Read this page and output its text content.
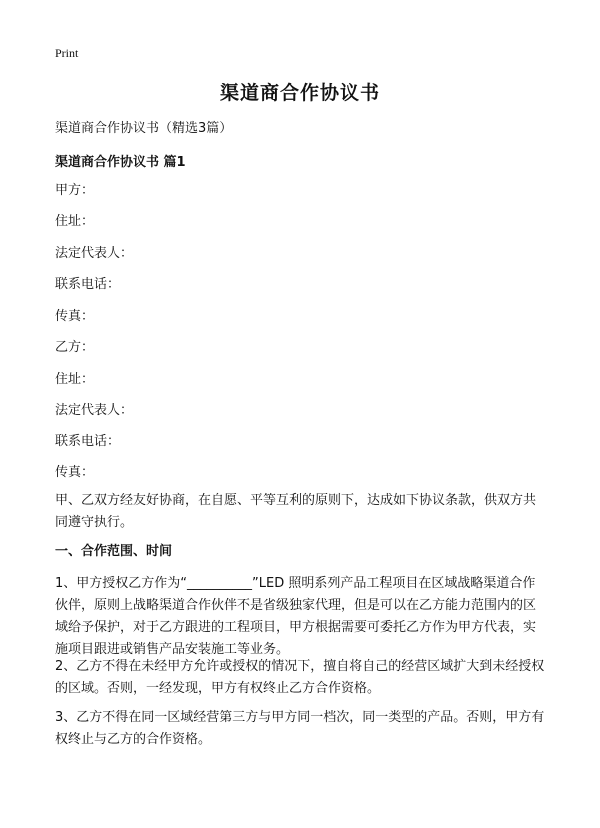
Print
渠道商合作协议书

渠道商合作协议书（精选3篇）

渠道商合作协议书 篇1

甲方：

住址：

法定代表人：

联系电话：

传真：

乙方：

住址：

法定代表人：

联系电话：

传真：

甲、乙双方经友好协商，在自愿、平等互利的原则下，达成如下协议条款，供双方共同遵守执行。

一、合作范围、时间

1、甲方授权乙方作为“__________”LED 照明系列产品工程项目在区域战略渠道合作伙伴，原则上战略渠道合作伙伴不是省级独家代理，但是可以在乙方能力范围内的区域给予保护，对于乙方跟进的工程项目，甲方根据需要可委托乙方作为甲方代表，实施项目跟进或销售产品安装施工等业务。

2、乙方不得在未经甲方允许或授权的情况下，擅自将自己的经营区域扩大到未经授权的区域。否则，一经发现，甲方有权终止乙方合作资格。

3、乙方不得在同一区域经营第三方与甲方同一档次，同一类型的产品。否则，甲方有权终止与乙方的合作资格。
